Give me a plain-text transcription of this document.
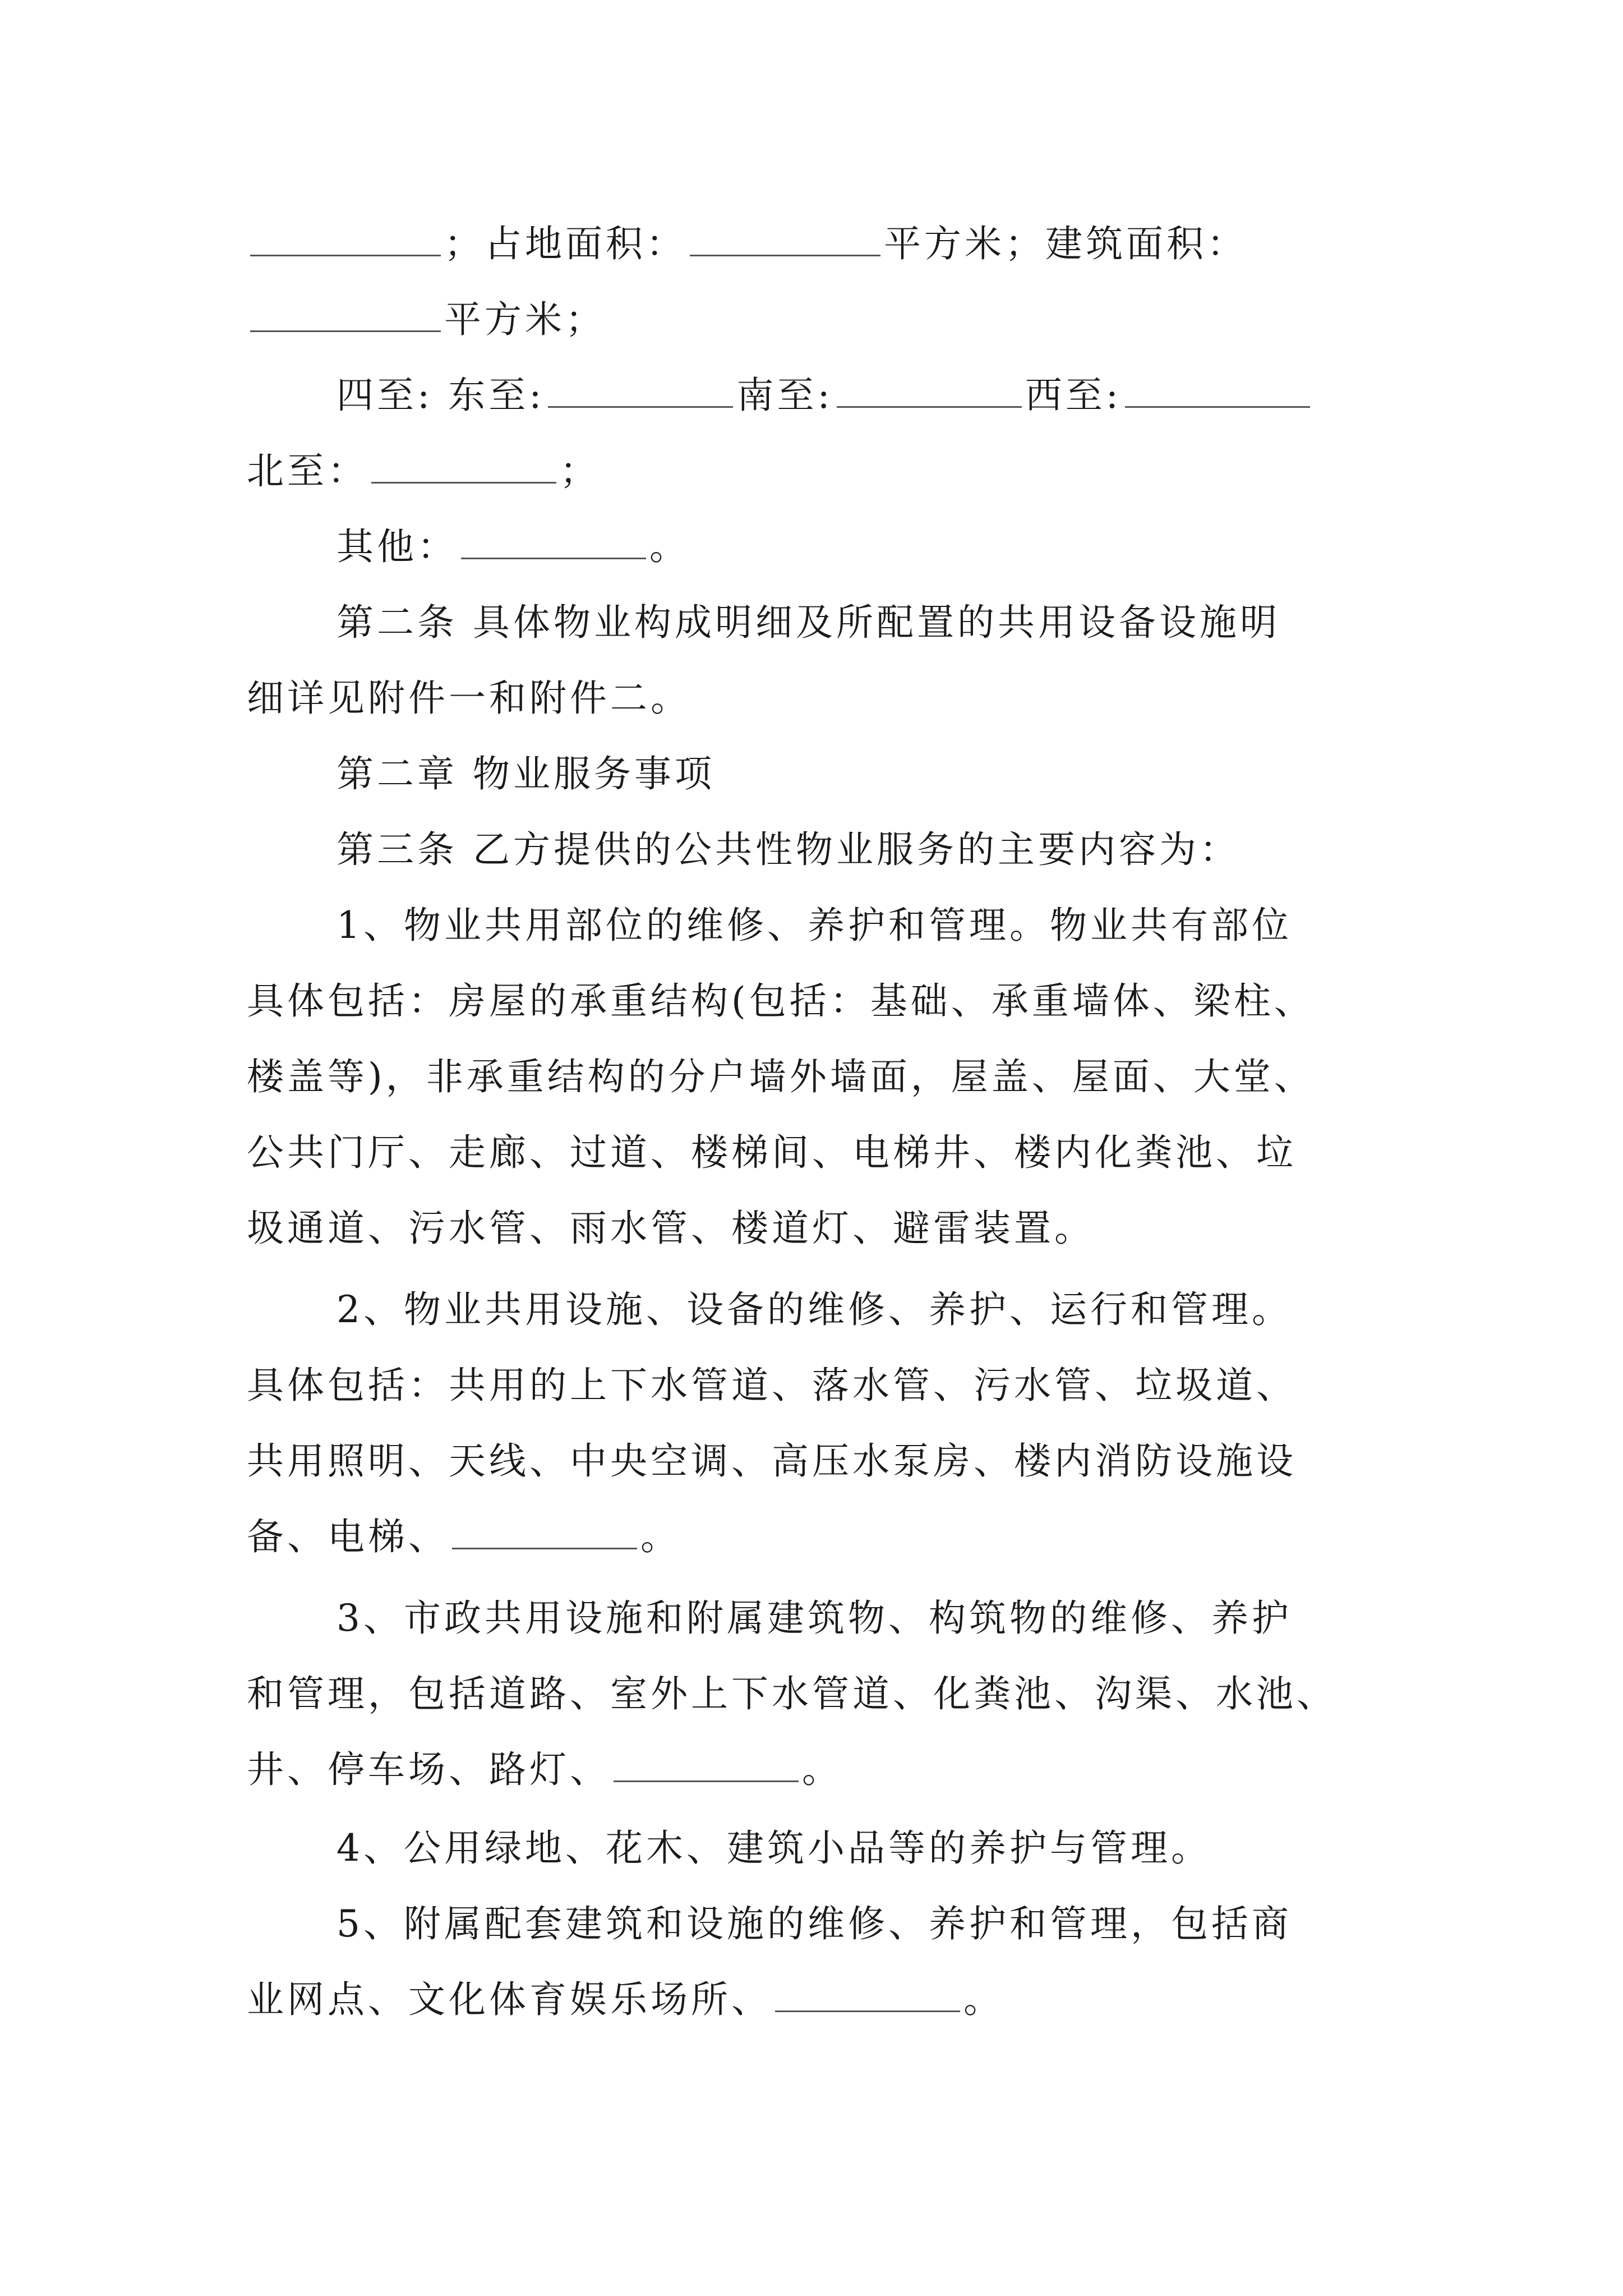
；占地面积：	平方米；建筑面积：
平方米；
四至: 东至:	南至:	西至:
北至：	；
其他：	。
第二条 具体物业构成明细及所配置的共用设备设施明
细详见附件一和附件二。
第二章 物业服务事项
第三条 乙方提供的公共性物业服务的主要内容为：
1、物业共用部位的维修、养护和管理。物业共有部位
具体包括：房屋的承重结构(包括：基础、承重墙体、梁柱、
楼盖等)，非承重结构的分户墙外墙面，屋盖、屋面、大堂、
公共门厅、走廊、过道、楼梯间、电梯井、楼内化粪池、垃
圾通道、污水管、雨水管、楼道灯、避雷装置。
2、物业共用设施、设备的维修、养护、运行和管理。
具体包括：共用的上下水管道、落水管、污水管、垃圾道、
共用照明、天线、中央空调、高压水泵房、楼内消防设施设
备、电梯、	。
3、市政共用设施和附属建筑物、构筑物的维修、养护
和管理，包括道路、室外上下水管道、化粪池、沟渠、水池、
井、停车场、路灯、	。
4、公用绿地、花木、建筑小品等的养护与管理。
5、附属配套建筑和设施的维修、养护和管理，包括商
业网点、文化体育娱乐场所、	。
